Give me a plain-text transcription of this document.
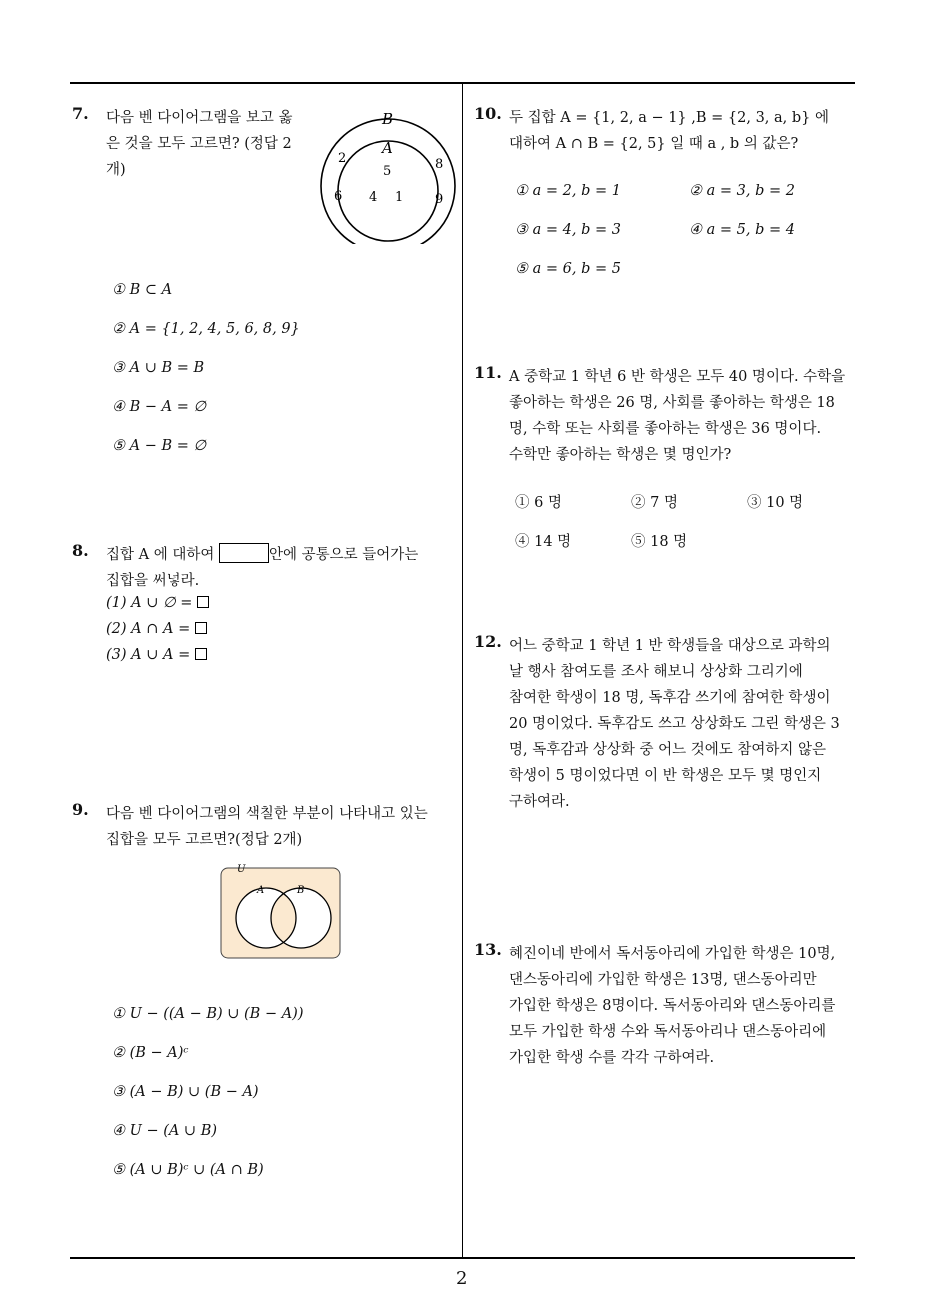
7. 다음 벤 다이어그램을 보고 옳
은 것을 모두 고르면? (정답 2
개)
B
A
5
4 1
2
6
8
9
① B ⊂ A
② A = {1, 2, 4, 5, 6, 8, 9}
③ A ∪ B = B
④ B − A = ∅
⑤ A − B = ∅
8. 집합 A 에 대하여	안에 공통으로 들어가는
집합을 써넣라.
(1) A ∪ ∅ =
(2) A ∩ A =
(3) A ∪ A =
9. 다음 벤 다이어그램의 색칠한 부분이 나타내고 있는
집합을 모두 고르면?(정답 2개)
U
A	B
① U − ((A − B) ∪ (B − A))
② (B − A)ᶜ
③ (A − B) ∪ (B − A)
④ U − (A ∪ B)
⑤ (A ∪ B)ᶜ ∪ (A ∩ B)
10. 두 집합 A = {1, 2, a − 1} ,B = {2, 3, a, b} 에
대하여 A ∩ B = {2, 5} 일 때 a , b 의 값은?
① a = 2, b = 1	② a = 3, b = 2
③ a = 4, b = 3	④ a = 5, b = 4
⑤ a = 6, b = 5
11. A 중학교 1 학년 6 반 학생은 모두 40 명이다. 수학을
좋아하는 학생은 26 명, 사회를 좋아하는 학생은 18
명, 수학 또는 사회를 좋아하는 학생은 36 명이다.
수학만 좋아하는 학생은 몇 명인가?
① 6 명	② 7 명	③ 10 명
④ 14 명	⑤ 18 명
12. 어느 중학교 1 학년 1 반 학생들을 대상으로 과학의
날 행사 참여도를 조사 해보니 상상화 그리기에
참여한 학생이 18 명, 독후감 쓰기에 참여한 학생이
20 명이었다. 독후감도 쓰고 상상화도 그린 학생은 3
명, 독후감과 상상화 중 어느 것에도 참여하지 않은
학생이 5 명이었다면 이 반 학생은 모두 몇 명인지
구하여라.
13. 혜진이네 반에서 독서동아리에 가입한 학생은 10명,
댄스동아리에 가입한 학생은 13명, 댄스동아리만
가입한 학생은 8명이다. 독서동아리와 댄스동아리를
모두 가입한 학생 수와 독서동아리나 댄스동아리에
가입한 학생 수를 각각 구하여라.
2
